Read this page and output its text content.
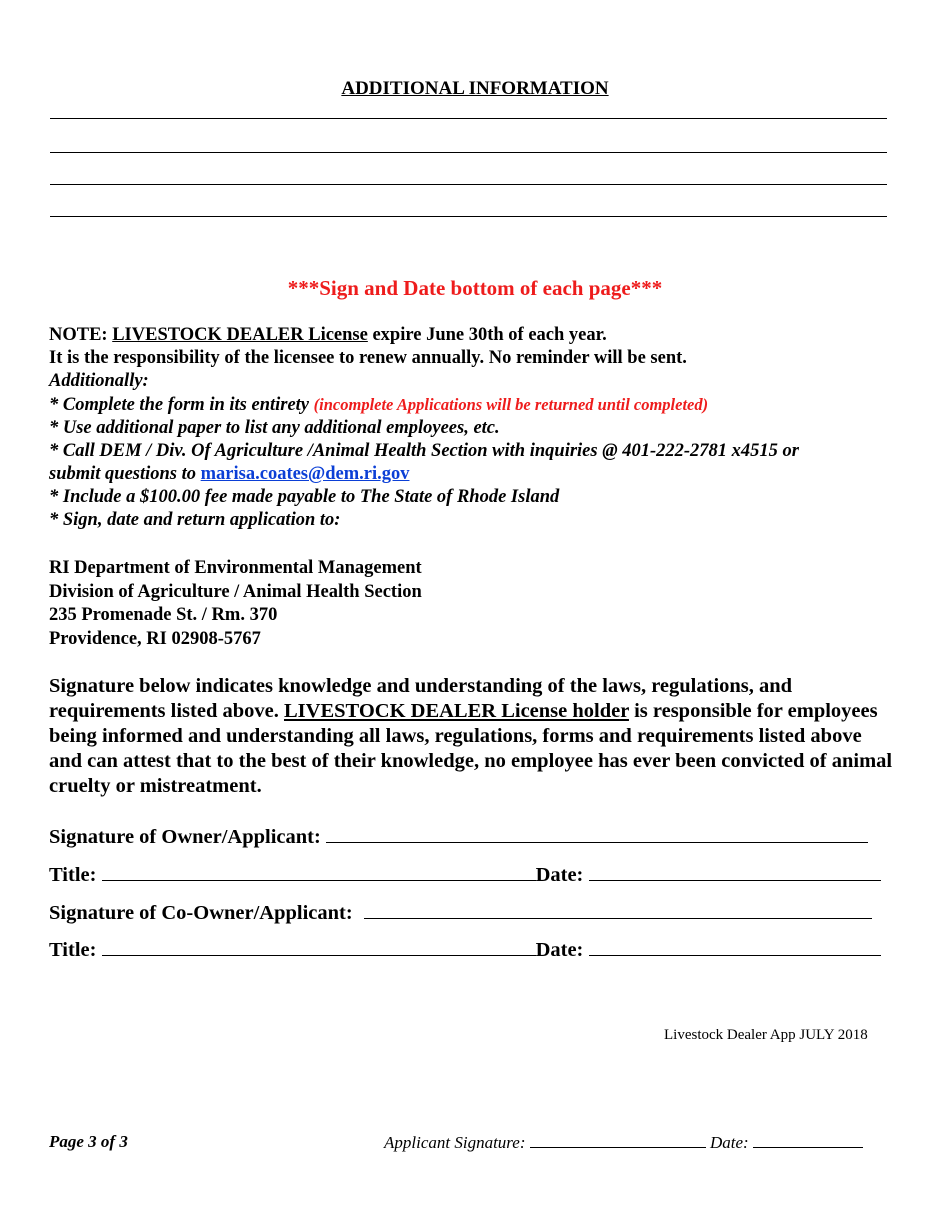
ADDITIONAL INFORMATION
***Sign and Date bottom of each page***
NOTE: LIVESTOCK DEALER License expire June 30th of each year.
It is the responsibility of the licensee to renew annually. No reminder will be sent.
Additionally:
* Complete the form in its entirety (incomplete Applications will be returned until completed)
* Use additional paper to list any additional employees, etc.
* Call DEM / Div. Of Agriculture /Animal Health Section with inquiries @ 401-222-2781 x4515 or
submit questions to marisa.coates@dem.ri.gov
* Include a $100.00 fee made payable to The State of Rhode Island
* Sign, date and return application to:
RI Department of Environmental Management
Division of Agriculture / Animal Health Section
235 Promenade St. / Rm. 370
Providence, RI 02908-5767
Signature below indicates knowledge and understanding of the laws, regulations, and requirements listed above. LIVESTOCK DEALER License holder is responsible for employees being informed and understanding all laws, regulations, forms and requirements listed above and can attest that to the best of their knowledge, no employee has ever been convicted of animal cruelty or mistreatment.
Signature of Owner/Applicant:
Title:	Date:
Signature of Co-Owner/Applicant:
Title:	Date:
Livestock Dealer App JULY 2018
Page 3 of 3	Applicant Signature:	Date:
